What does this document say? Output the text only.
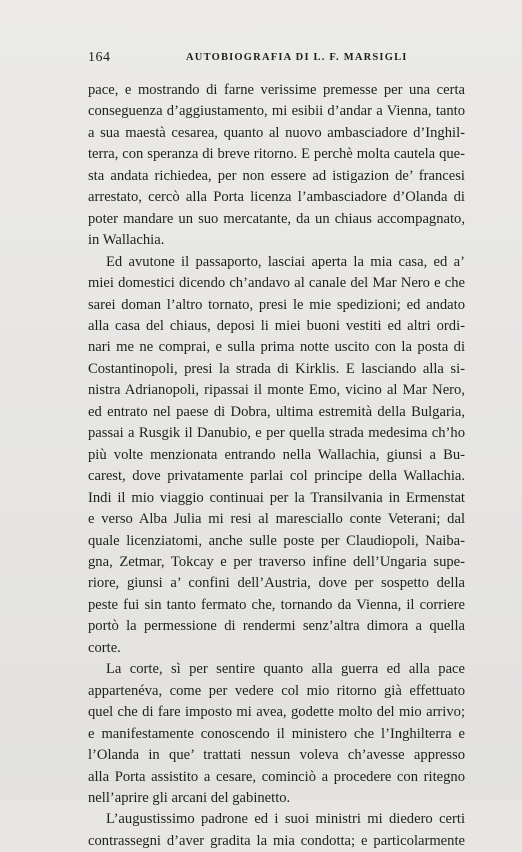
164	AUTOBIOGRAFIA DI L. F. MARSIGLI

pace, e mostrando di farne verissime premesse per una certa
conseguenza d’aggiustamento, mi esibii d’andar a Vienna, tanto
a sua maestà cesarea, quanto al nuovo ambasciadore d’Inghil-
terra, con speranza di breve ritorno. E perchè molta cautela que-
sta andata richiedea, per non essere ad istigazion de’ francesi
arrestato, cercò alla Porta licenza l’ambasciadore d’Olanda di
poter mandare un suo mercatante, da un chiaus accompagnato,
in Wallachia.

Ed avutone il passaporto, lasciai aperta la mia casa, ed a’
miei domestici dicendo ch’andavo al canale del Mar Nero e che
sarei doman l’altro tornato, presi le mie spedizioni; ed andato
alla casa del chiaus, deposi li miei buoni vestiti ed altri ordi-
nari me ne comprai, e sulla prima notte uscito con la posta di
Costantinopoli, presi la strada di Kirklis. E lasciando alla si-
nistra Adrianopoli, ripassai il monte Emo, vicino al Mar Nero,
ed entrato nel paese di Dobra, ultima estremità della Bulgaria,
passai a Rusgik il Danubio, e per quella strada medesima ch’ho
più volte menzionata entrando nella Wallachia, giunsi a Bu-
carest, dove privatamente parlai col principe della Wallachia.
Indi il mio viaggio continuai per la Transilvania in Ermenstat
e verso Alba Julia mi resi al maresciallo conte Veterani; dal
quale licenziatomi, anche sulle poste per Claudiopoli, Naiba-
gna, Zetmar, Tokcay e per traverso infine dell’Ungaria supe-
riore, giunsi a’ confini dell’Austria, dove per sospetto della
peste fui sin tanto fermato che, tornando da Vienna, il corriere
portò la permessione di rendermi senz’altra dimora a quella
corte.

La corte, sì per sentire quanto alla guerra ed alla pace
appartenéva, come per vedere col mio ritorno già effettuato
quel che di fare imposto mi avea, godette molto del mio arrivo;
e manifestamente conoscendo il ministero che l’Inghilterra e
l’Olanda in que’ trattati nessun voleva ch’avesse appresso
alla Porta assistito a cesare, cominciò a procedere con ritegno
nell’aprire gli arcani del gabinetto.

L’augustissimo padrone ed i suoi ministri mi diedero certi
contrassegni d’aver gradita la mia condotta; e particolarmente
